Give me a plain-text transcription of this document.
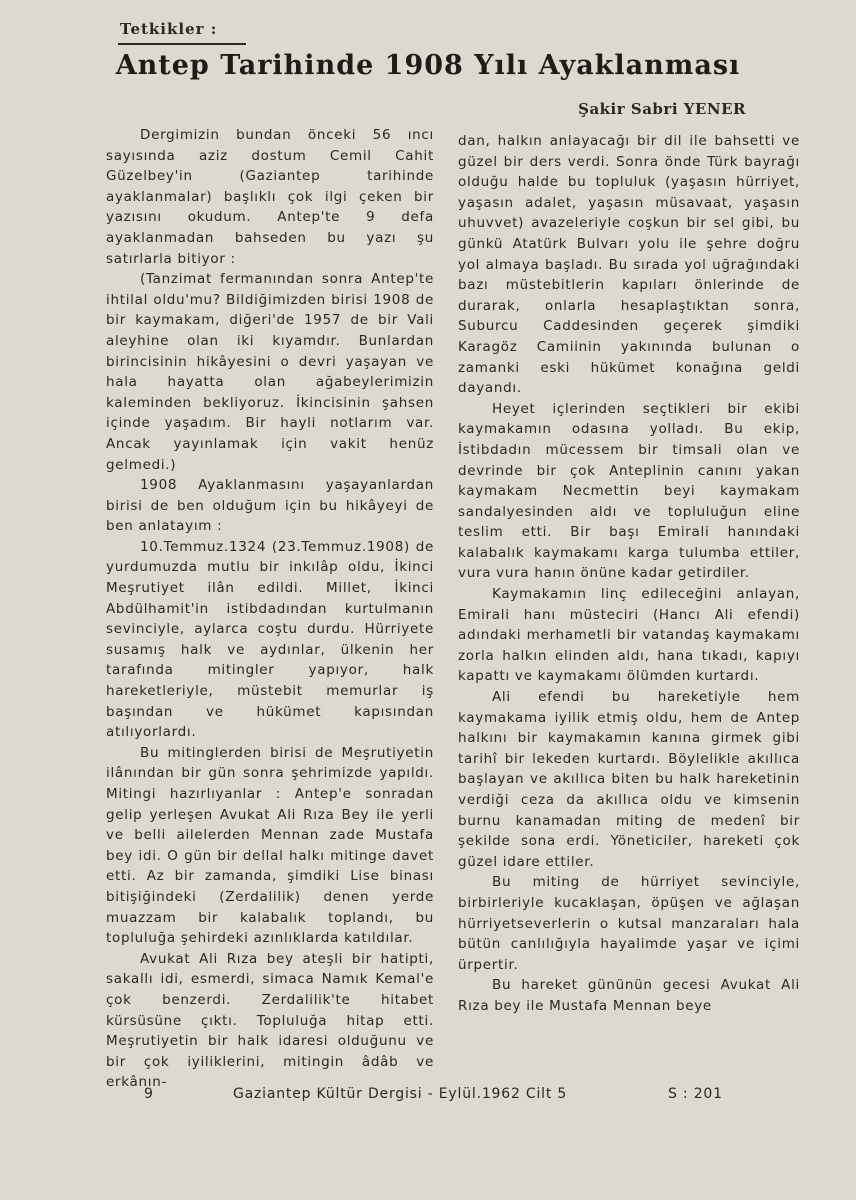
Tetkikler :
Antep Tarihinde 1908 Yılı Ayaklanması
Şakir Sabri YENER

Dergimizin bundan önceki 56 ıncı sayısında aziz dostum Cemil Cahit Güzelbey'in (Gaziantep tarihinde ayaklanmalar) başlıklı çok ilgi çeken bir yazısını okudum. Antep'te 9 defa ayaklanmadan bahseden bu yazı şu satırlarla bitiyor :

(Tanzimat fermanından sonra Antep'te ihtilal oldu'mu? Bildiğimizden birisi 1908 de bir kaymakam, diğeri'de 1957 de bir Vali aleyhine olan iki kıyamdır. Bunlardan birincisinin hikâyesini o devri yaşayan ve hala hayatta olan ağabeylerimizin kaleminden bekliyoruz. İkincisinin şahsen içinde yaşadım. Bir hayli notlarım var. Ancak yayınlamak için vakit henüz gelmedi.)

1908 Ayaklanmasını yaşayanlardan birisi de ben olduğum için bu hikâyeyi de ben anlatayım :

10.Temmuz.1324 (23.Temmuz.1908) de yurdumuzda mutlu bir inkılâp oldu, İkinci Meşrutiyet ilân edildi. Millet, İkinci Abdülhamit'in istibdadından kurtulmanın sevinciyle, aylarca coştu durdu. Hürriyete susamış halk ve aydınlar, ülkenin her tarafında mitingler yapıyor, halk hareketleriyle, müstebit memurlar iş başından ve hükümet kapısından atılıyorlardı.

Bu mitinglerden birisi de Meşrutiyetin ilânından bir gün sonra şehrimizde yapıldı. Mitingi hazırlıyanlar : Antep'e sonradan gelip yerleşen Avukat Ali Rıza Bey ile yerli ve belli ailelerden Mennan zade Mustafa bey idi. O gün bir dellal halkı mitinge davet etti. Az bir zamanda, şimdiki Lise binası bitişiğindeki (Zerdalilik) denen yerde muazzam bir kalabalık toplandı, bu topluluğa şehirdeki azınlıklarda katıldılar.

Avukat Ali Rıza bey ateşli bir hatipti, sakallı idi, esmerdi, simaca Namık Kemal'e çok benzerdi. Zerdalilik'te hitabet kürsüsüne çıktı. Topluluğa hitap etti. Meşrutiyetin bir halk idaresi olduğunu ve bir çok iyiliklerini, mitingin âdâb ve erkânın-

dan, halkın anlayacağı bir dil ile bahsetti ve güzel bir ders verdi. Sonra önde Türk bayrağı olduğu halde bu topluluk (yaşasın hürriyet, yaşasın adalet, yaşasın müsavaat, yaşasın uhuvvet) avazeleriyle coşkun bir sel gibi, bu günkü Atatürk Bulvarı yolu ile şehre doğru yol almaya başladı. Bu sırada yol uğrağındaki bazı müstebitlerin kapıları önlerinde de durarak, onlarla hesaplaştıktan sonra, Suburcu Caddesinden geçerek şimdiki Karagöz Camiinin yakınında bulunan o zamanki eski hükümet konağına geldi dayandı.

Heyet içlerinden seçtikleri bir ekibi kaymakamın odasına yolladı. Bu ekip, İstibdadın mücessem bir timsali olan ve devrinde bir çok Anteplinin canını yakan kaymakam Necmettin beyi kaymakam sandalyesinden aldı ve topluluğun eline teslim etti. Bir başı Emirali hanındaki kalabalık kaymakamı karga tulumba ettiler, vura vura hanın önüne kadar getirdiler.

Kaymakamın linç edileceğini anlayan, Emirali hanı müsteciri (Hancı Ali efendi) adındaki merhametli bir vatandaş kaymakamı zorla halkın elinden aldı, hana tıkadı, kapıyı kapattı ve kaymakamı ölümden kurtardı.

Ali efendi bu hareketiyle hem kaymakama iyilik etmiş oldu, hem de Antep halkını bir kaymakamın kanına girmek gibi tarihî bir lekeden kurtardı. Böylelikle akıllıca başlayan ve akıllıca biten bu halk hareketinin verdiği ceza da akıllıca oldu ve kimsenin burnu kanamadan miting de medenî bir şekilde sona erdi. Yöneticiler, hareketi çok güzel idare ettiler.

Bu miting de hürriyet sevinciyle, birbirleriyle kucaklaşan, öpüşen ve ağlaşan hürriyetseverlerin o kutsal manzaraları hala bütün canlılığıyla hayalimde yaşar ve içimi ürpertir.

Bu hareket gününün gecesi Avukat Ali Rıza bey ile Mustafa Mennan beye

9	Gaziantep Kültür Dergisi - Eylül.1962 Cilt 5	S : 201
